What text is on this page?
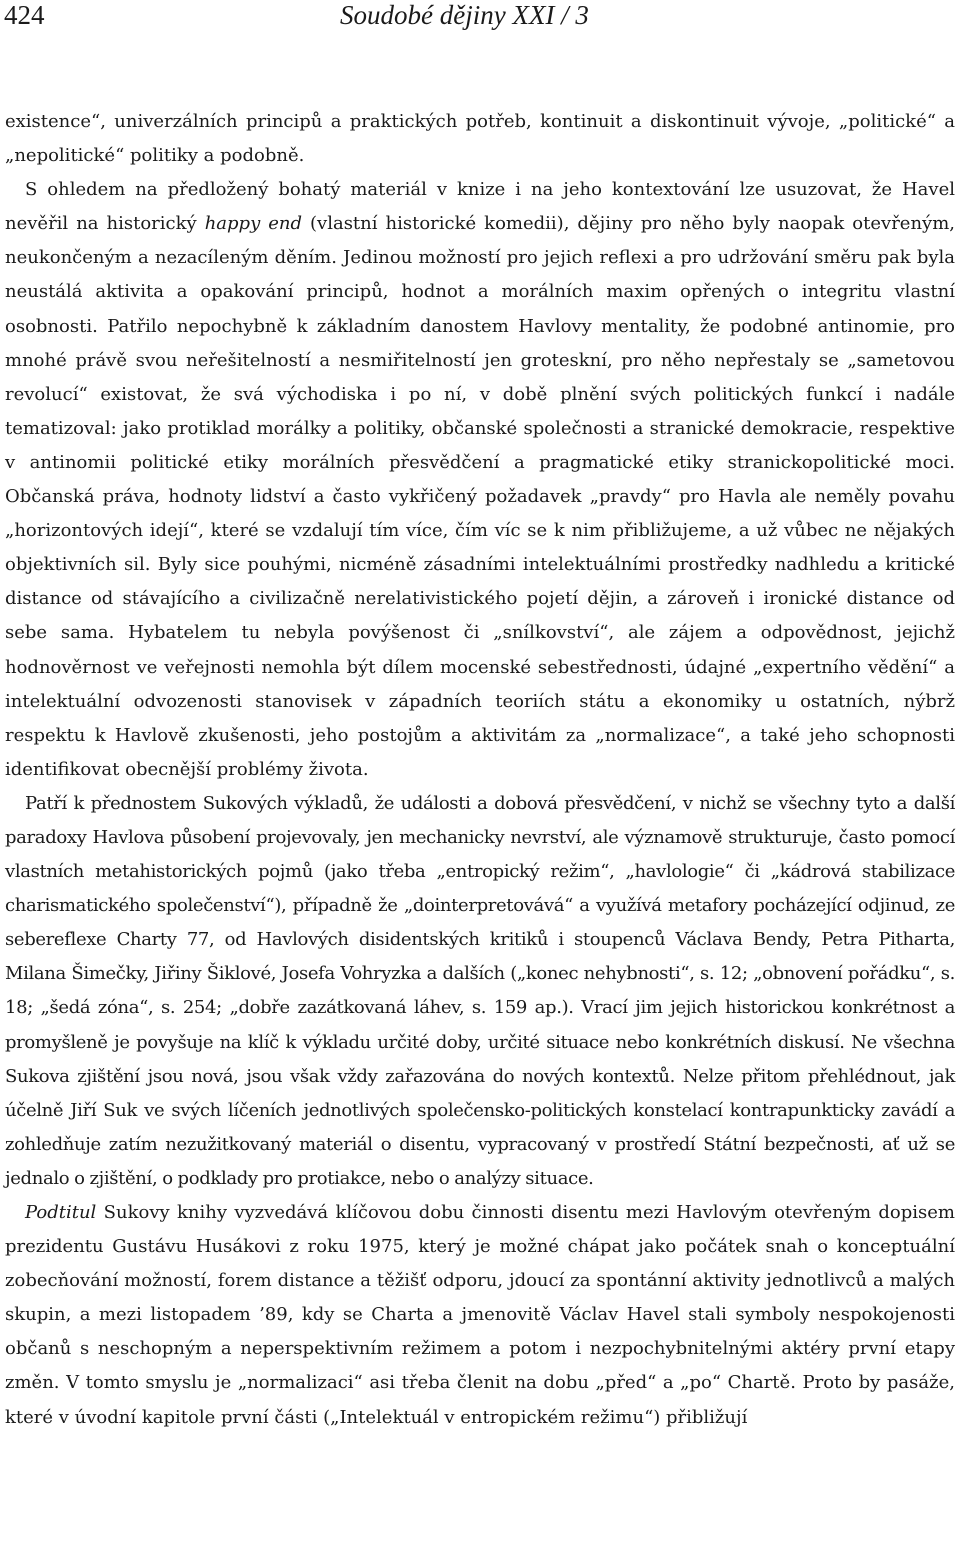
424	Soudobé dějiny XXI / 3

existence“, univerzálních principů a praktických potřeb, kontinuit a diskontinuit vývoje, „politické“ a „nepolitické“ politiky a podobně.

S ohledem na předložený bohatý materiál v knize i na jeho kontextování lze usuzovat, že Havel nevěřil na historický happy end (vlastní historické komedii), dějiny pro něho byly naopak otevřeným, neukončeným a nezacíleným děním. Jedinou možností pro jejich reflexi a pro udržování směru pak byla neustálá aktivita a opakování principů, hodnot a morálních maxim opřených o integritu vlastní osobnosti. Patřilo nepochybně k základním danostem Havlovy mentality, že podobné antinomie, pro mnohé právě svou neřešitelností a nesmiřitelností jen groteskní, pro něho nepřestaly se „sametovou revolucí“ existovat, že svá východiska i po ní, v době plnění svých politických funkcí i nadále tematizoval: jako protiklad morálky a politiky, občanské společnosti a stranické demokracie, respektive v antinomii politické etiky morálních přesvědčení a pragmatické etiky stranickopolitické moci. Občanská práva, hodnoty lidství a často vykřičený požadavek „pravdy“ pro Havla ale neměly povahu „horizontových idejí“, které se vzdalují tím více, čím víc se k nim přibližujeme, a už vůbec ne nějakých objektivních sil. Byly sice pouhými, nicméně zásadními intelektuálními prostředky nadhledu a kritické distance od stávajícího a civilizačně nerelativistického pojetí dějin, a zároveň i ironické distance od sebe sama. Hybatelem tu nebyla povýšenost či „snílkovství“, ale zájem a odpovědnost, jejichž hodnověrnost ve veřejnosti nemohla být dílem mocenské sebestřednosti, údajné „expertního vědění“ a intelektuální odvozenosti stanovisek v západních teoriích státu a ekonomiky u ostatních, nýbrž respektu k Havlově zkušenosti, jeho postojům a aktivitám za „normalizace“, a také jeho schopnosti identifikovat obecnější problémy života.

Patří k přednostem Sukových výkladů, že události a dobová přesvědčení, v nichž se všechny tyto a další paradoxy Havlova působení projevovaly, jen mechanicky nevrství, ale významově strukturuje, často pomocí vlastních metahistorických pojmů (jako třeba „entropický režim“, „havlologie“ či „kádrová stabilizace charismatického společenství“), případně že „dointerpretovává“ a využívá metafory pocházející odjinud, ze sebereflexe Charty 77, od Havlových disidentských kritiků i stoupenců Václava Bendy, Petra Pitharta, Milana Šimečky, Jiřiny Šiklové, Josefa Vohryzka a dalších („konec nehybnosti“, s. 12; „obnovení pořádku“, s. 18; „šedá zóna“, s. 254; „dobře zazátkovaná láhev, s. 159 ap.). Vrací jim jejich historickou konkrétnost a promyšleně je povyšuje na klíč k výkladu určité doby, určité situace nebo konkrétních diskusí. Ne všechna Sukova zjištění jsou nová, jsou však vždy zařazována do nových kontextů. Nelze přitom přehlédnout, jak účelně Jiří Suk ve svých líčeních jednotlivých společensko-politických konstelací kontrapunkticky zavádí a zohledňuje zatím nezužitkovaný materiál o disentu, vypracovaný v prostředí Státní bezpečnosti, ať už se jednalo o zjištění, o podklady pro protiakce, nebo o analýzy situace.

Podtitul Sukovy knihy vyzvedává klíčovou dobu činnosti disentu mezi Havlovým otevřeným dopisem prezidentu Gustávu Husákovi z roku 1975, který je možné chápat jako počátek snah o konceptuální zobecňování možností, forem distance a těžišť odporu, jdoucí za spontánní aktivity jednotlivců a malých skupin, a mezi listopadem ’89, kdy se Charta a jmenovitě Václav Havel stali symboly nespokojenosti občanů s neschopným a neperspektivním režimem a potom i nezpochybnitelnými aktéry první etapy změn. V tomto smyslu je „normalizaci“ asi třeba členit na dobu „před“ a „po“ Chartě. Proto by pasáže, které v úvodní kapitole první části („Intelektuál v entropickém režimu“) přibližují
